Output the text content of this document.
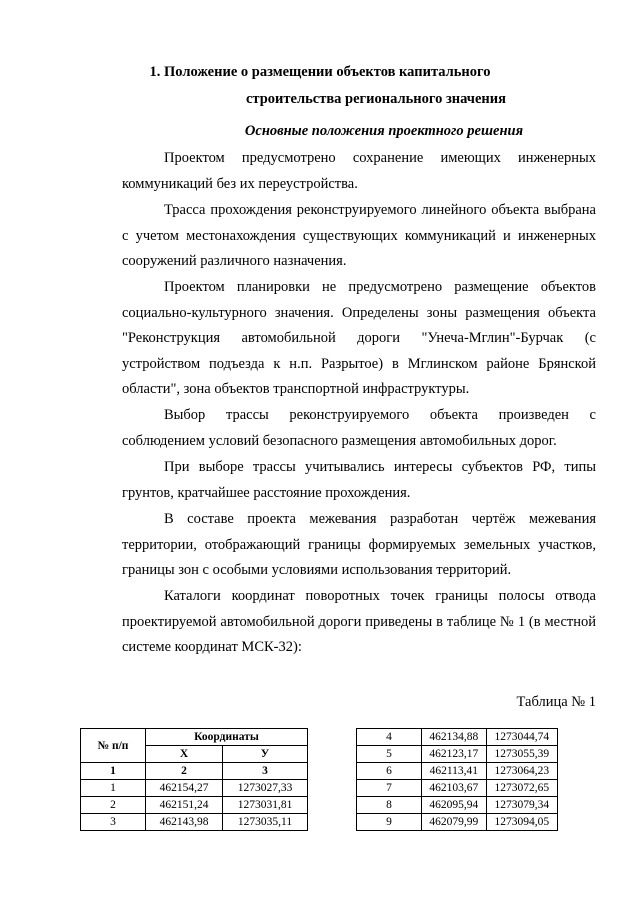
1. Положение о размещении объектов капитального
строительства регионального значения
Основные положения проектного решения
Проектом предусмотрено сохранение имеющих инженерных коммуникаций без их переустройства.
Трасса прохождения реконструируемого линейного объекта выбрана с учетом местонахождения существующих коммуникаций и инженерных сооружений различного назначения.
Проектом планировки не предусмотрено размещение объектов социально-культурного значения. Определены зоны размещения объекта "Реконструкция автомобильной дороги "Унеча-Мглин"-Бурчак (с устройством подъезда к н.п. Разрытое) в Мглинском районе Брянской области", зона объектов транспортной инфраструктуры.
Выбор трассы реконструируемого объекта произведен с соблюдением условий безопасного размещения автомобильных дорог.
При выборе трассы учитывались интересы субъектов РФ, типы грунтов, кратчайшее расстояние прохождения.
В составе проекта межевания разработан чертёж межевания территории, отображающий границы формируемых земельных участков, границы зон с особыми условиями использования территорий.
Каталоги координат поворотных точек границы полосы отвода проектируемой автомобильной дороги приведены в таблице № 1 (в местной системе координат МСК-32):
Таблица № 1
№ п/п	Координаты	
	Х	У
1	2	3
1	462154,27	1273027,33
2	462151,24	1273031,81
3	462143,98	1273035,11
4	462134,88	1273044,74
5	462123,17	1273055,39
6	462113,41	1273064,23
7	462103,67	1273072,65
8	462095,94	1273079,34
9	462079,99	1273094,05
